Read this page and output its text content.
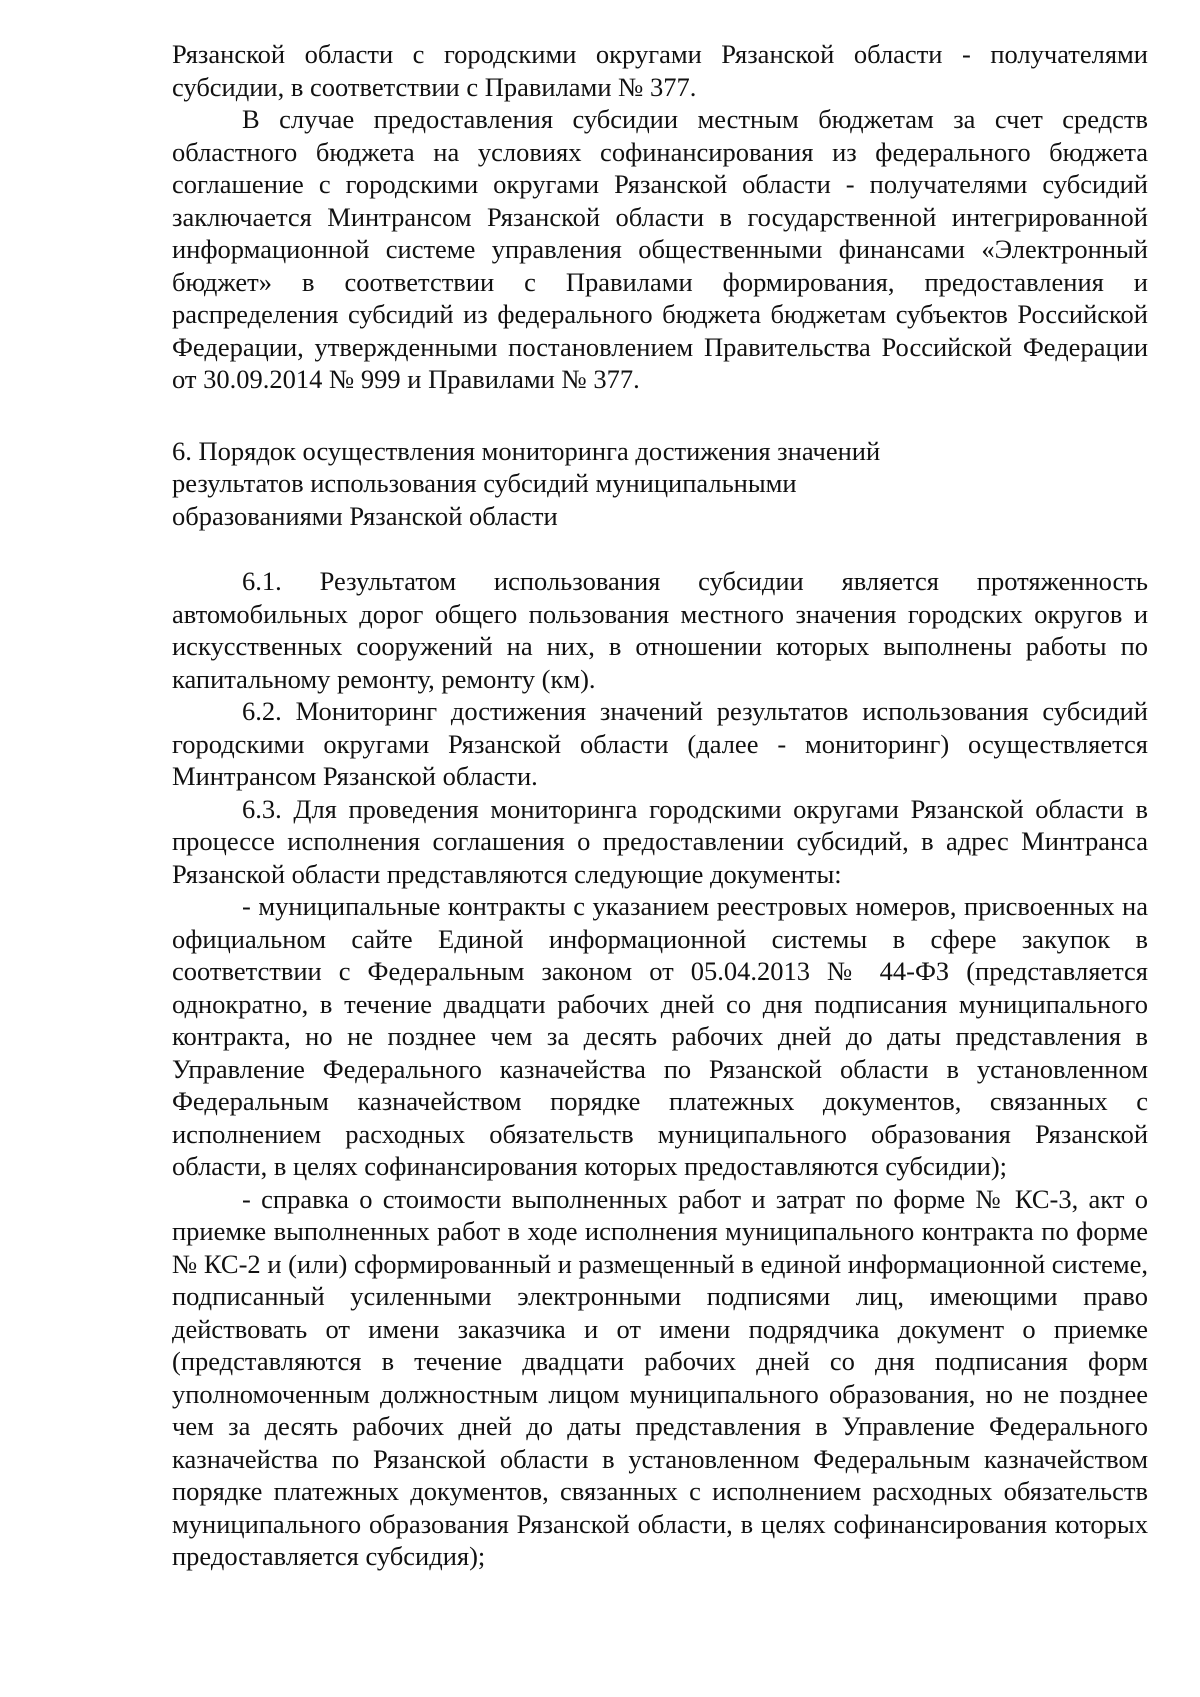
Рязанской области с городскими округами Рязанской области - получателями субсидии, в соответствии с Правилами № 377.

В случае предоставления субсидии местным бюджетам за счет средств областного бюджета на условиях софинансирования из федерального бюджета соглашение с городскими округами Рязанской области - получателями субсидий заключается Минтрансом Рязанской области в государственной интегрированной информационной системе управления общественными финансами «Электронный бюджет» в соответствии с Правилами формирования, предоставления и распределения субсидий из федерального бюджета бюджетам субъектов Российской Федерации, утвержденными постановлением Правительства Российской Федерации от 30.09.2014 № 999 и Правилами № 377.

6. Порядок осуществления мониторинга достижения значений
результатов использования субсидий муниципальными
образованиями Рязанской области

6.1. Результатом использования субсидии является протяженность автомобильных дорог общего пользования местного значения городских округов и искусственных сооружений на них, в отношении которых выполнены работы по капитальному ремонту, ремонту (км).

6.2. Мониторинг достижения значений результатов использования субсидий городскими округами Рязанской области (далее - мониторинг) осуществляется Минтрансом Рязанской области.

6.3. Для проведения мониторинга городскими округами Рязанской области в процессе исполнения соглашения о предоставлении субсидий, в адрес Минтранса Рязанской области представляются следующие документы:

- муниципальные контракты с указанием реестровых номеров, присвоенных на официальном сайте Единой информационной системы в сфере закупок в соответствии с Федеральным законом от 05.04.2013 № 44-ФЗ (представляется однократно, в течение двадцати рабочих дней со дня подписания муниципального контракта, но не позднее чем за десять рабочих дней до даты представления в Управление Федерального казначейства по Рязанской области в установленном Федеральным казначейством порядке платежных документов, связанных с исполнением расходных обязательств муниципального образования Рязанской области, в целях софинансирования которых предоставляются субсидии);

- справка о стоимости выполненных работ и затрат по форме № КС-3, акт о приемке выполненных работ в ходе исполнения муниципального контракта по форме № КС-2 и (или) сформированный и размещенный в единой информационной системе, подписанный усиленными электронными подписями лиц, имеющими право действовать от имени заказчика и от имени подрядчика документ о приемке (представляются в течение двадцати рабочих дней со дня подписания форм уполномоченным должностным лицом муниципального образования, но не позднее чем за десять рабочих дней до даты представления в Управление Федерального казначейства по Рязанской области в установленном Федеральным казначейством порядке платежных документов, связанных с исполнением расходных обязательств муниципального образования Рязанской области, в целях софинансирования которых предоставляется субсидия);
